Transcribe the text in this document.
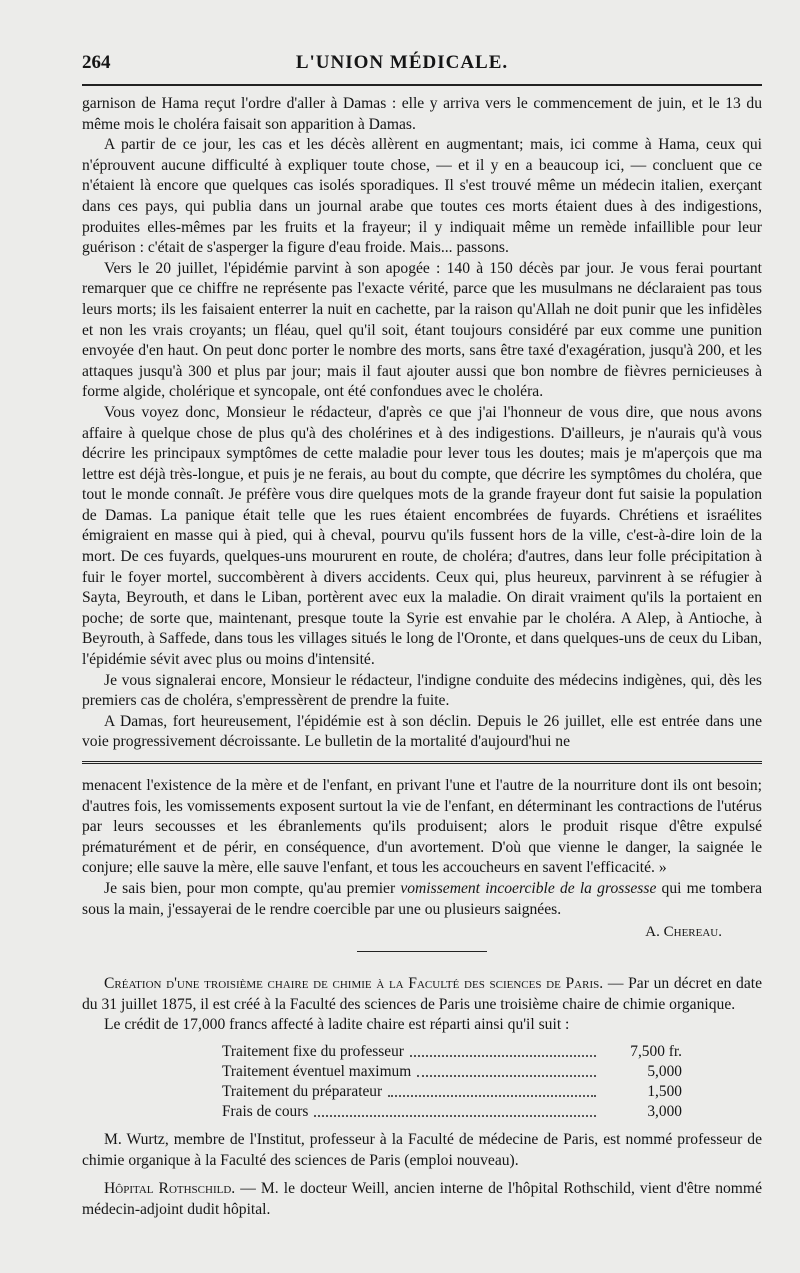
264	L'UNION MÉDICALE.

garnison de Hama reçut l'ordre d'aller à Damas : elle y arriva vers le commencement de juin, et le 13 du même mois le choléra faisait son apparition à Damas.

A partir de ce jour, les cas et les décès allèrent en augmentant; mais, ici comme à Hama, ceux qui n'éprouvent aucune difficulté à expliquer toute chose, — et il y en a beaucoup ici, — concluent que ce n'étaient là encore que quelques cas isolés sporadiques. Il s'est trouvé même un médecin italien, exerçant dans ces pays, qui publia dans un journal arabe que toutes ces morts étaient dues à des indigestions, produites elles-mêmes par les fruits et la frayeur; il y indiquait même un remède infaillible pour leur guérison : c'était de s'asperger la figure d'eau froide. Mais... passons.

Vers le 20 juillet, l'épidémie parvint à son apogée : 140 à 150 décès par jour. Je vous ferai pourtant remarquer que ce chiffre ne représente pas l'exacte vérité, parce que les musulmans ne déclaraient pas tous leurs morts; ils les faisaient enterrer la nuit en cachette, par la raison qu'Allah ne doit punir que les infidèles et non les vrais croyants; un fléau, quel qu'il soit, étant toujours considéré par eux comme une punition envoyée d'en haut. On peut donc porter le nombre des morts, sans être taxé d'exagération, jusqu'à 200, et les attaques jusqu'à 300 et plus par jour; mais il faut ajouter aussi que bon nombre de fièvres pernicieuses à forme algide, cholérique et syncopale, ont été confondues avec le choléra.

Vous voyez donc, Monsieur le rédacteur, d'après ce que j'ai l'honneur de vous dire, que nous avons affaire à quelque chose de plus qu'à des cholérines et à des indigestions. D'ailleurs, je n'aurais qu'à vous décrire les principaux symptômes de cette maladie pour lever tous les doutes; mais je m'aperçois que ma lettre est déjà très-longue, et puis je ne ferais, au bout du compte, que décrire les symptômes du choléra, que tout le monde connaît. Je préfère vous dire quelques mots de la grande frayeur dont fut saisie la population de Damas. La panique était telle que les rues étaient encombrées de fuyards. Chrétiens et israélites émigraient en masse qui à pied, qui à cheval, pourvu qu'ils fussent hors de la ville, c'est-à-dire loin de la mort. De ces fuyards, quelques-uns moururent en route, de choléra; d'autres, dans leur folle précipitation à fuir le foyer mortel, succombèrent à divers accidents. Ceux qui, plus heureux, parvinrent à se réfugier à Sayta, Beyrouth, et dans le Liban, portèrent avec eux la maladie. On dirait vraiment qu'ils la portaient en poche; de sorte que, maintenant, presque toute la Syrie est envahie par le choléra. A Alep, à Antioche, à Beyrouth, à Saffede, dans tous les villages situés le long de l'Oronte, et dans quelques-uns de ceux du Liban, l'épidémie sévit avec plus ou moins d'intensité.

Je vous signalerai encore, Monsieur le rédacteur, l'indigne conduite des médecins indigènes, qui, dès les premiers cas de choléra, s'empressèrent de prendre la fuite.

A Damas, fort heureusement, l'épidémie est à son déclin. Depuis le 26 juillet, elle est entrée dans une voie progressivement décroissante. Le bulletin de la mortalité d'aujourd'hui ne

menacent l'existence de la mère et de l'enfant, en privant l'une et l'autre de la nourriture dont ils ont besoin; d'autres fois, les vomissements exposent surtout la vie de l'enfant, en déterminant les contractions de l'utérus par leurs secousses et les ébranlements qu'ils produisent; alors le produit risque d'être expulsé prématurément et de périr, en conséquence, d'un avortement. D'où que vienne le danger, la saignée le conjure; elle sauve la mère, elle sauve l'enfant, et tous les accoucheurs en savent l'efficacité. »

Je sais bien, pour mon compte, qu'au premier vomissement incoercible de la grossesse qui me tombera sous la main, j'essayerai de le rendre coercible par une ou plusieurs saignées.

A. Chereau.

Création d'une troisième chaire de chimie à la Faculté des sciences de Paris. — Par un décret en date du 31 juillet 1875, il est créé à la Faculté des sciences de Paris une troisième chaire de chimie organique.

Le crédit de 17,000 francs affecté à ladite chaire est réparti ainsi qu'il suit :

Traitement fixe du professeur	7,500 fr.
Traitement éventuel maximum	5,000
Traitement du préparateur	1,500
Frais de cours	3,000

M. Wurtz, membre de l'Institut, professeur à la Faculté de médecine de Paris, est nommé professeur de chimie organique à la Faculté des sciences de Paris (emploi nouveau).

Hôpital Rothschild. — M. le docteur Weill, ancien interne de l'hôpital Rothschild, vient d'être nommé médecin-adjoint dudit hôpital.
